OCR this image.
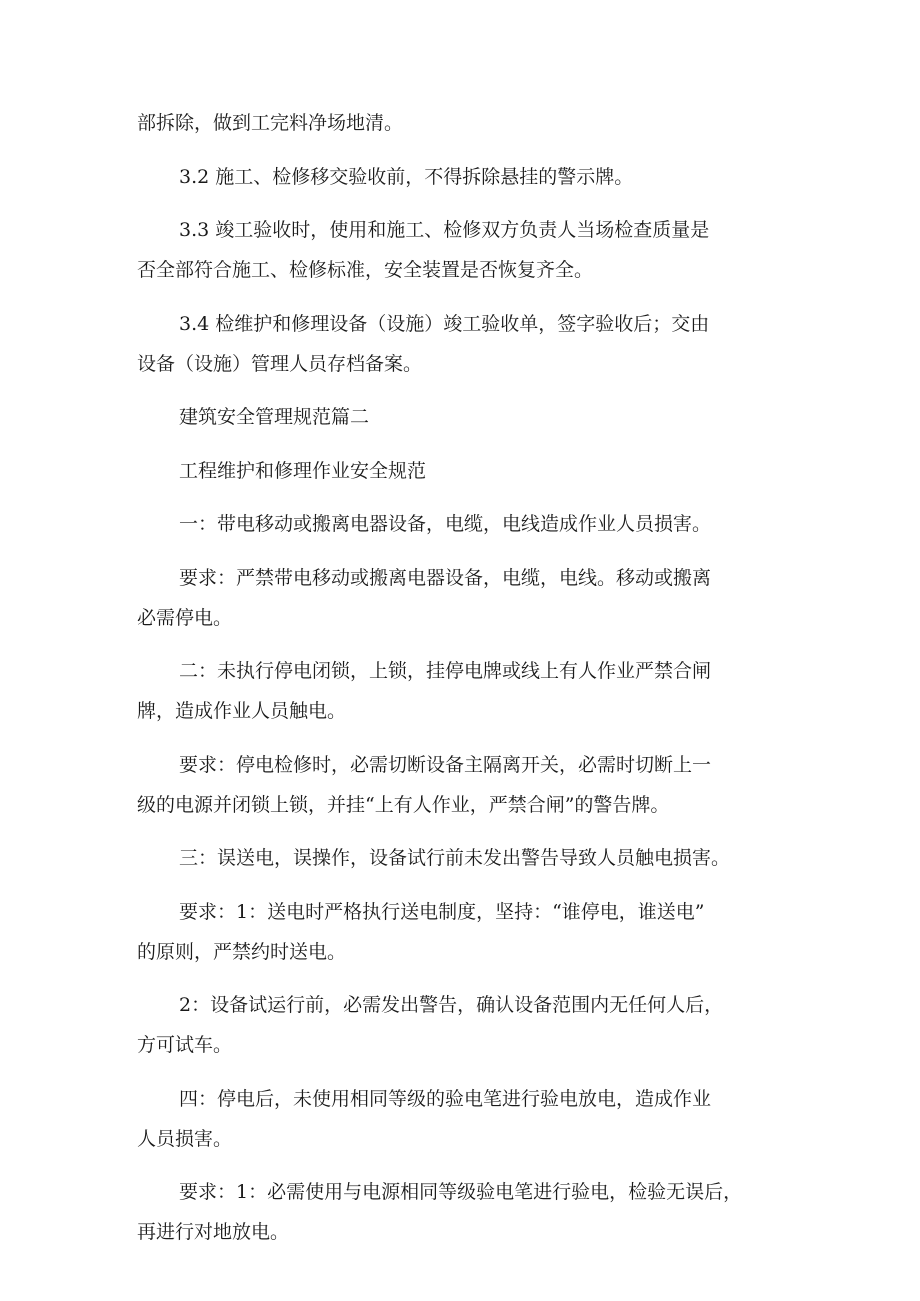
部拆除，做到工完料净场地清。
3.2 施工、检修移交验收前，不得拆除悬挂的警示牌。
3.3 竣工验收时，使用和施工、检修双方负责人当场检查质量是
否全部符合施工、检修标准，安全装置是否恢复齐全。
3.4 检维护和修理设备（设施）竣工验收单，签字验收后；交由
设备（设施）管理人员存档备案。
建筑安全管理规范篇二
工程维护和修理作业安全规范
一：带电移动或搬离电器设备，电缆，电线造成作业人员损害。
要求：严禁带电移动或搬离电器设备，电缆，电线。移动或搬离
必需停电。
二：未执行停电闭锁，上锁，挂停电牌或线上有人作业严禁合闸
牌，造成作业人员触电。
要求：停电检修时，必需切断设备主隔离开关，必需时切断上一
级的电源并闭锁上锁，并挂“上有人作业，严禁合闸”的警告牌。
三：误送电，误操作，设备试行前未发出警告导致人员触电损害。
要求：1：送电时严格执行送电制度，坚持：“谁停电，谁送电”
的原则，严禁约时送电。
2：设备试运行前，必需发出警告，确认设备范围内无任何人后，
方可试车。
四：停电后，未使用相同等级的验电笔进行验电放电，造成作业
人员损害。
要求：1：必需使用与电源相同等级验电笔进行验电，检验无误后，
再进行对地放电。
